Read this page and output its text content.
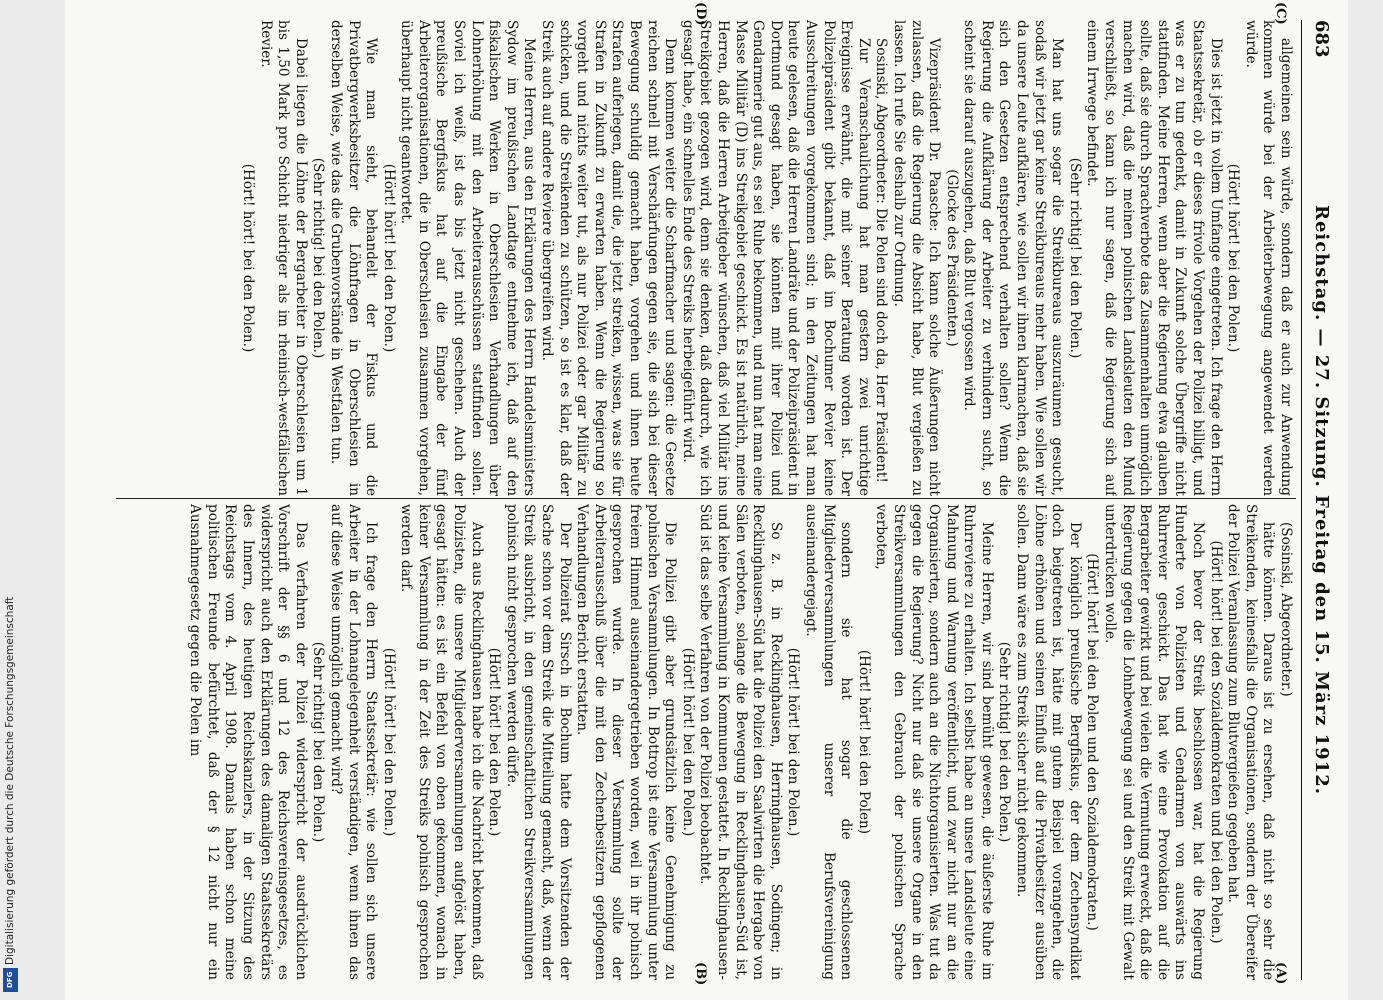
Digitalisierung gefördert durch die Deutsche Forschungsgemeinschaft
DFG
683
Reichstag. — 27. Sitzung. Freitag den 15. März 1912.

allgemeinen sein würde, sondern daß er auch zur Anwendung kommen würde bei der Arbeiterbewegung angewendet werden würde.

(Hört! hört! bei den Polen.)

Dies ist jetzt in vollem Umfange eingetreten. Ich frage den Herrn Staatssekretär, ob er dieses frivole Vorgehen der Polizei billigt, und was er zu tun gedenkt, damit in Zukunft solche Übergriffe nicht stattfinden. Meine Herren, wenn aber die Regierung etwa glauben sollte, daß sie durch Sprachverbote das Zusammenhalten unmöglich machen wird, daß die meinen polnischen Landsleuten den Mund verschließt, so kann ich nur sagen, daß die Regierung sich auf einem Irrwege befindet.

(Sehr richtig! bei den Polen.)

Man hat uns sogar die Streikbureaus auszuräumen gesucht, sodaß wir jetzt gar keine Streikbureaus mehr haben. Wie sollen wir da unsere Leute aufklären, wie sollen wir ihnen klarmachen, daß sie sich den Gesetzen entsprechend verhalten sollen? Wenn die Regierung die Aufklärung der Arbeiter zu verhindern sucht, so scheint sie darauf auszugehen, daß Blut vergossen wird.

(Glocke des Präsidenten.)

Vizepräsident Dr. Paasche: Ich kann solche Äußerungen nicht zulassen, daß die Regierung die Absicht habe, Blut vergießen zu lassen. Ich rufe Sie deshalb zur Ordnung.

Sosinski, Abgeordneter: Die Polen sind doch da, Herr Präsident!

Zur Veranschaulichung hat man gestern zwei unrichtige Ereignisse erwähnt, die mit seiner Beratung worden ist. Der Polizeipräsident gibt bekannt, daß im Bochumer Revier keine Ausschreitungen vorgekommen sind; in den Zeitungen hat man heute gelesen, daß die Herren Landräte und der Polizeipräsident in Dortmund gesagt haben, sie könnten mit ihrer Polizei und Gendarmerie gut aus, es sei Ruhe bekommen, und nun hat man eine Masse Militär (D) ins Streikgebiet geschickt. Es ist natürlich, meine Herren, daß die Herren Arbeitgeber wünschen, daß viel Militär ins Streikgebiet gezogen wird, denn sie denken, daß dadurch, wie ich gesagt habe, ein schnelles Ende des Streiks herbeigeführt wird.

Denn kommen weiter die Scharfmacher und sagen: die Gesetze reichen schnell mit Verschärfungen gegen sie, die sich bei dieser Bewegung schuldig gemacht haben, vorgehen und ihnen heute Strafen auferlegen, damit die, die jetzt streiken, wissen, was sie für Strafen in Zukunft zu erwarten haben. Wenn die Regierung so vorgeht und nichts weiter tut, als nur Polizei oder gar Militär zu schicken, und die Streikenden zu schützen, so ist es klar, daß der Streik auch auf andere Reviere übergreifen wird.

Meine Herren, aus den Erklärungen des Herrn Handelsministers Sydow im preußischen Landtage entnehme ich, daß auf den fiskalischen Werken in Oberschlesien Verhandlungen über Lohnerhöhung mit den Arbeiterausschüssen stattfinden sollen. Soviel ich weiß, ist das bis jetzt nicht geschehen. Auch der preußische Bergfiskus hat auf die Eingabe der fünf Arbeiterorganisationen, die in Oberschlesien zusammen vorgehen, überhaupt nicht geantwortet.

(Hört! hört! bei den Polen.)

Wie man sieht, behandelt der Fiskus und die Privatbergwerksbesitzer die Löhnfragen in Oberschlesien in derselben Weise, wie das die Grubenvorstände in Westfalen tun.

(Sehr richtig! bei den Polen.)

Dabei liegen die Löhne der Bergarbeiter in Oberschlesien um 1 bis 1,50 Mark pro Schicht niedriger als im rheinisch-westfälischen Revier.

(Hört! hört! bei den Polen.)

(Sosinski, Abgeordneter.)

hätte können. Daraus ist zu ersehen, daß nicht so sehr die Streikenden, keinesfalls die Organisationen, sondern der Übereifer der Polizei Veranlassung zum Blutvergießen gegeben hat.

(Hört! hört! bei den Sozialdemokraten und bei den Polen.)

Noch bevor der Streik beschlossen war, hat die Regierung Hunderte von Polizisten und Gendarmen von auswärts ins Ruhrrevier geschickt. Das hat wie eine Provokation auf die Bergarbeiter gewirkt und bei vielen die Vermutung erweckt, daß die Regierung gegen die Lohnbewegung sei und den Streik mit Gewalt unterdrücken wolle.

(Hört! hört! bei den Polen und den Sozialdemokraten.)

Der königlich preußische Bergfiskus, der dem Zechensyndikat doch beigetreten ist, hätte mit gutem Beispiel vorangehen, die Löhne erhöhen und seinen Einfluß auf die Privatbesitzer ausüben sollen. Dann wäre es zum Streik sicher nicht gekommen.

(Sehr richtig! bei den Polen.)

Meine Herren, wir sind bemüht gewesen, die äußerste Ruhe im Ruhrreviere zu erhalten. Ich selbst habe an unsere Landsleute eine Mahnung und Warnung veröffentlicht, und zwar nicht nur an die Organisierten, sondern auch an die Nichtorganisierten. Was tut da gegen die Regierung? Nicht nur daß sie unsere Organe in den Streikversammlungen den Gebrauch der polnischen Sprache verboten,

(Hört! hört! bei den Polen)

sondern sie hat sogar die geschlossenen Mitgliederversammlungen unserer Berufsvereinigung auseinandergejagt.

(Hört! hört! bei den Polen.)

So z. B. in Recklinghausen, Herringhausen, Sodingen; in Recklinghausen-Süd hat die Polizei den Saalwirten die Hergabe von Sälen verboten, solange die Bewegung in Recklinghausen-Süd ist, und keine Versammlung in Kommunen gestattet. In Recklinghausen-Süd ist das selbe Verfahren von der Polizei beobachtet.

(Hört! hört! bei den Polen.)

Die Polizei gibt aber grundsätzlich keine Genehmigung zu polnischen Versammlungen. In Bottrop ist eine Versammlung unter freiem Himmel auseinandergetrieben worden, weil in ihr polnisch gesprochen wurde. In dieser Versammlung sollte der Arbeiterausschuß über die mit den Zechenbesitzern gepflogenen Verhandlungen Bericht erstatten.

Der Polizeirat Sirsch in Bochum hatte dem Vorsitzenden der Sache schon vor dem Streik die Mitteilung gemacht, daß, wenn der Streik ausbricht, in den gemeinschaftlichen Streikversammlungen polnisch nicht gesprochen werden dürfe.

(Hört! hört! bei den Polen.)

Auch aus Recklinghausen habe ich die Nachricht bekommen, daß Polizisten, die unsere Mitgliederversammlungen aufgelöst haben, gesagt hätten: es ist ein Befehl von oben gekommen, wonach in keiner Versammlung in der Zeit des Streiks polnisch gesprochen werden darf.

(Hört! hört! bei den Polen.)

Ich frage den Herrn Staatssekretär: wie sollen sich unsere Arbeiter in der Lohnangelegenheit verständigen, wenn ihnen das auf diese Weise unmöglich gemacht wird?

(Sehr richtig! bei den Polen.)

Das Verfahren der Polizei widerspricht der ausdrücklichen Vorschrift der §§ 6 und 12 des Reichsvereinsgesetzes, es widerspricht auch den Erklärungen des damaligen Staatssekretärs des Innern, des heutigen Reichskanzlers, in der Sitzung des Reichstags vom 4. April 1908. Damals haben schon meine politischen Freunde befürchtet, daß der § 12 nicht nur ein Ausnahmegesetz gegen die Polen im

(C)
(D)
(A)
(B)
